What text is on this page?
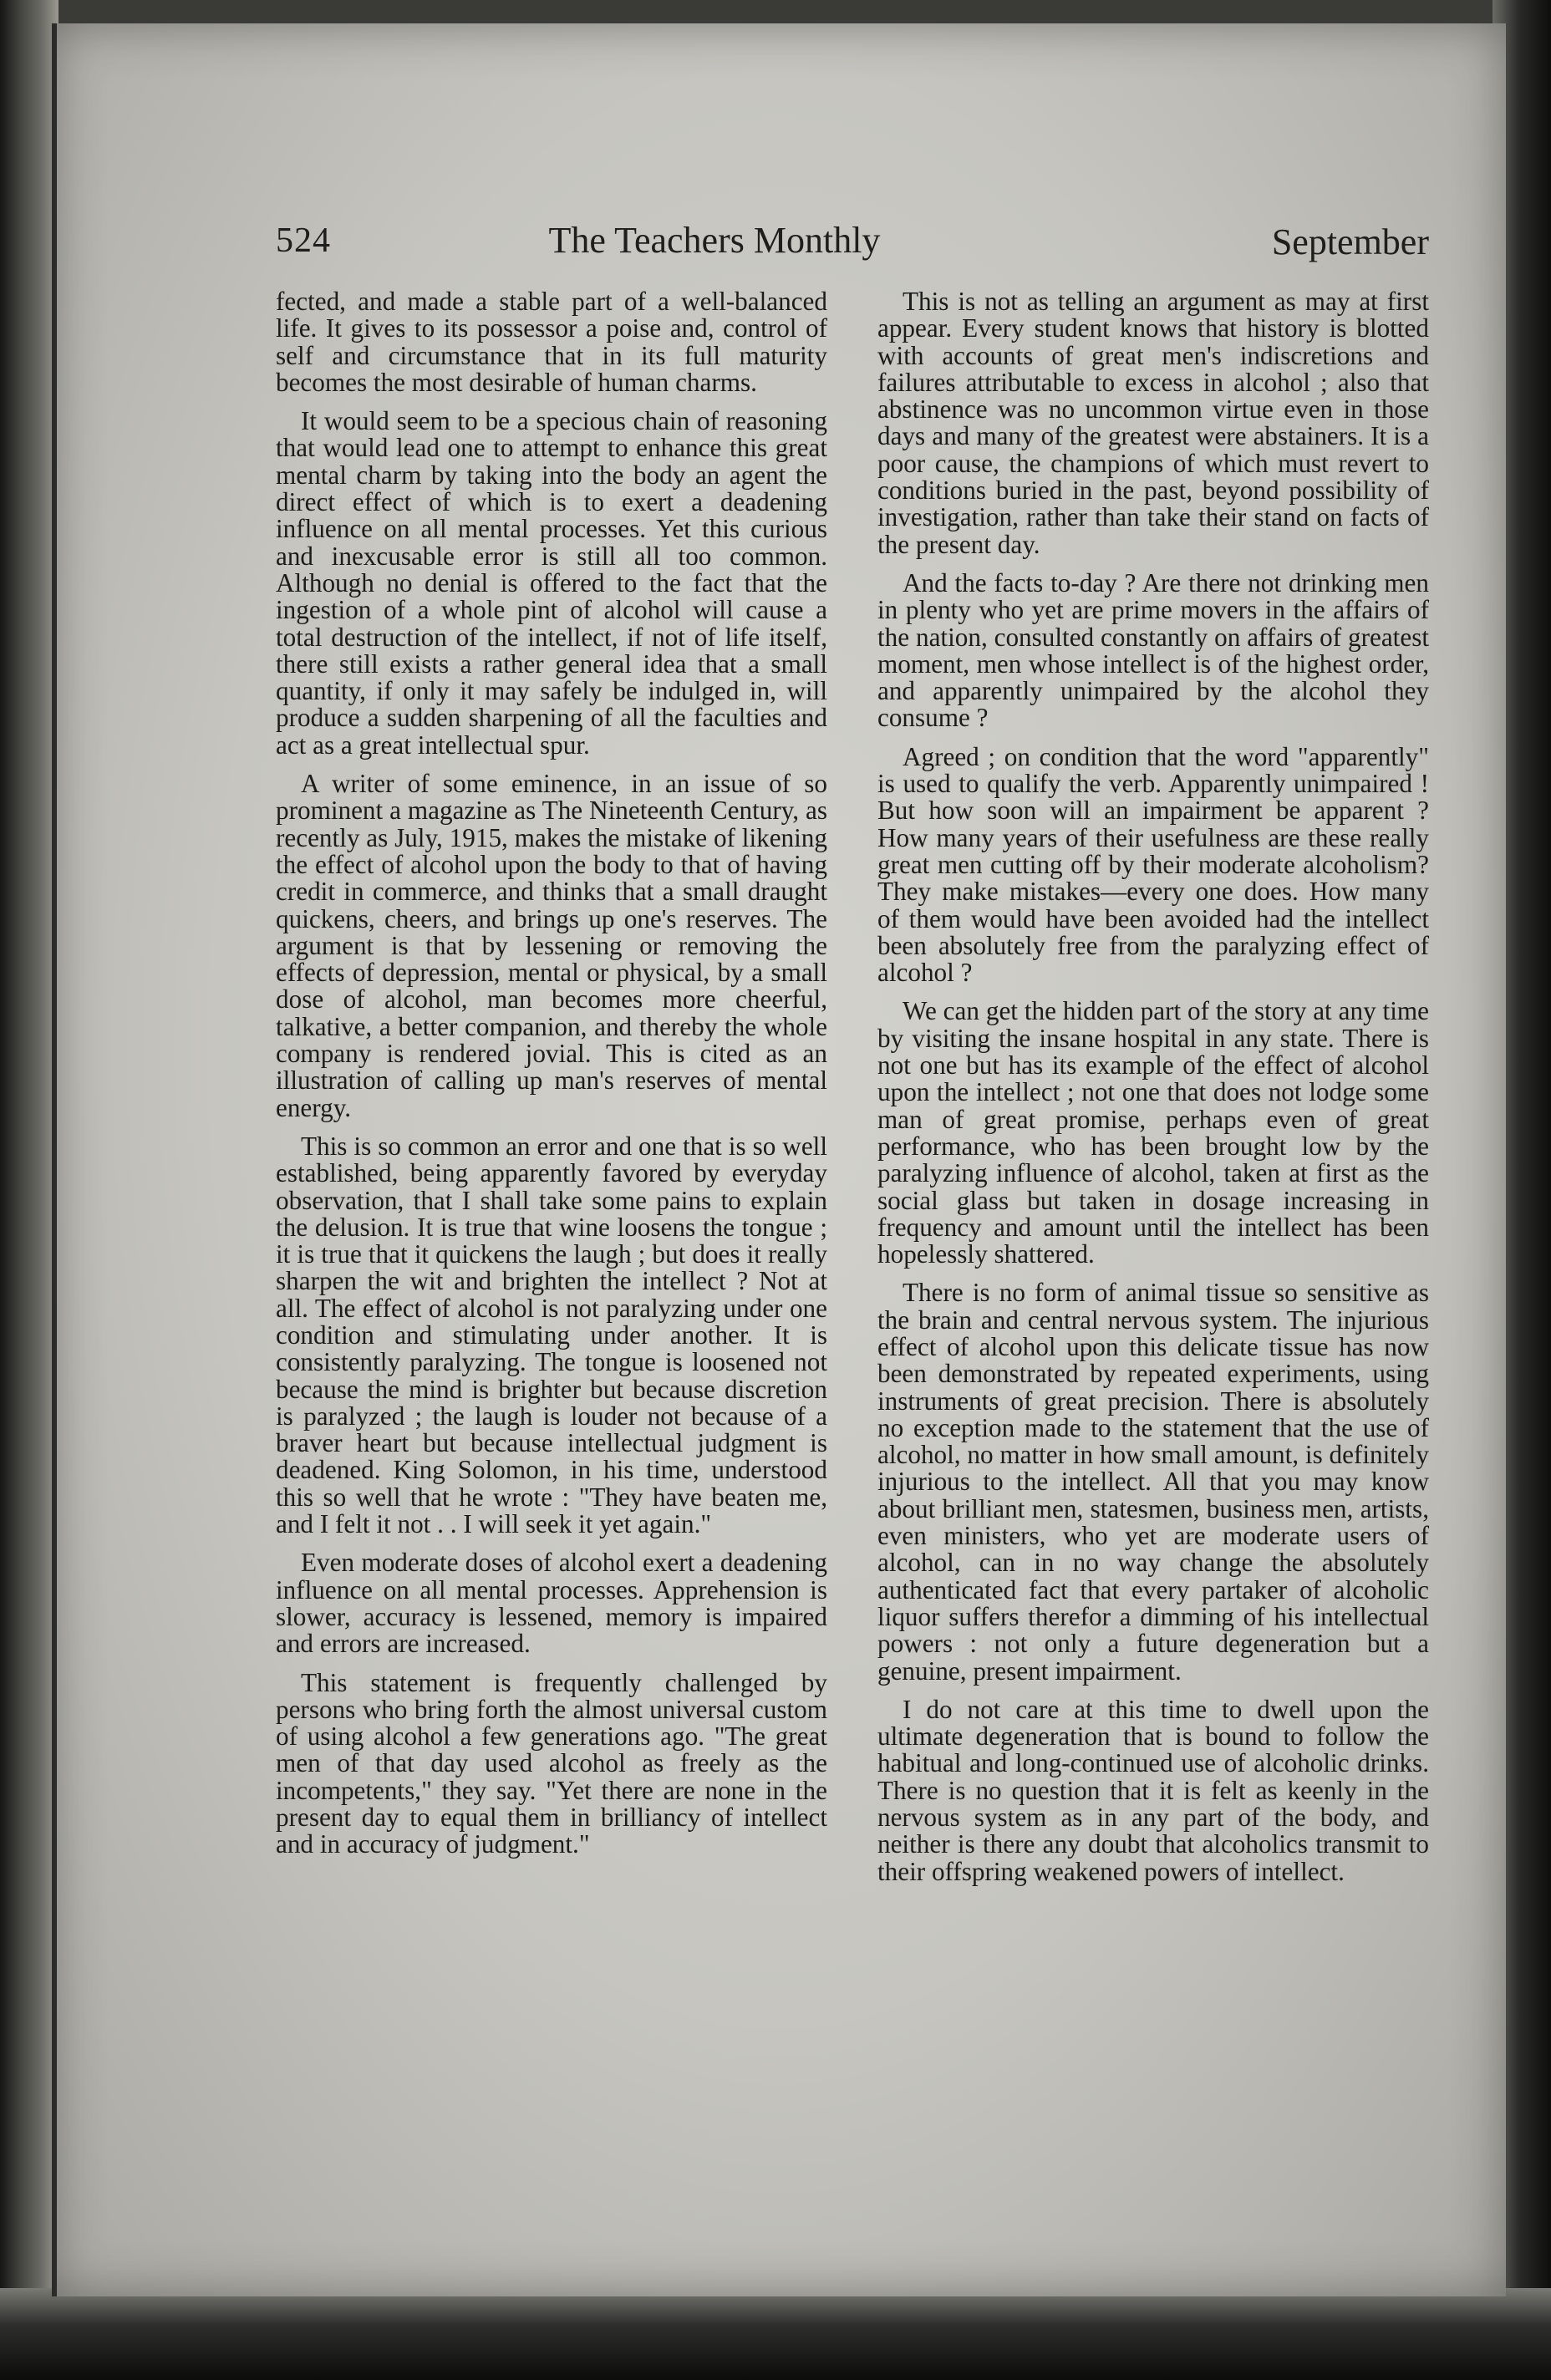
524	The Teachers Monthly	September

fected, and made a stable part of a well-balanced life. It gives to its possessor a poise and, control of self and circumstance that in its full maturity becomes the most desirable of human charms.

It would seem to be a specious chain of reasoning that would lead one to attempt to enhance this great mental charm by taking into the body an agent the direct effect of which is to exert a deadening influence on all mental processes. Yet this curious and inexcusable error is still all too common. Although no denial is offered to the fact that the ingestion of a whole pint of alcohol will cause a total destruction of the intellect, if not of life itself, there still exists a rather general idea that a small quantity, if only it may safely be indulged in, will produce a sudden sharpening of all the faculties and act as a great intellectual spur.

A writer of some eminence, in an issue of so prominent a magazine as The Nineteenth Century, as recently as July, 1915, makes the mistake of likening the effect of alcohol upon the body to that of having credit in commerce, and thinks that a small draught quickens, cheers, and brings up one's reserves. The argument is that by lessening or removing the effects of depression, mental or physical, by a small dose of alcohol, man becomes more cheerful, talkative, a better companion, and thereby the whole company is rendered jovial. This is cited as an illustration of calling up man's reserves of mental energy.

This is so common an error and one that is so well established, being apparently favored by everyday observation, that I shall take some pains to explain the delusion. It is true that wine loosens the tongue ; it is true that it quickens the laugh ; but does it really sharpen the wit and brighten the intellect ? Not at all. The effect of alcohol is not paralyzing under one condition and stimulating under another. It is consistently paralyzing. The tongue is loosened not because the mind is brighter but because discretion is paralyzed ; the laugh is louder not because of a braver heart but because intellectual judgment is deadened. King Solomon, in his time, understood this so well that he wrote : "They have beaten me, and I felt it not . . I will seek it yet again."

Even moderate doses of alcohol exert a deadening influence on all mental processes. Apprehension is slower, accuracy is lessened, memory is impaired and errors are increased.

This statement is frequently challenged by persons who bring forth the almost universal custom of using alcohol a few generations ago. "The great men of that day used alcohol as freely as the incompetents," they say. "Yet there are none in the present day to equal them in brilliancy of intellect and in accuracy of judgment."

This is not as telling an argument as may at first appear. Every student knows that history is blotted with accounts of great men's indiscretions and failures attributable to excess in alcohol ; also that abstinence was no uncommon virtue even in those days and many of the greatest were abstainers. It is a poor cause, the champions of which must revert to conditions buried in the past, beyond possibility of investigation, rather than take their stand on facts of the present day.

And the facts to-day ? Are there not drinking men in plenty who yet are prime movers in the affairs of the nation, consulted constantly on affairs of greatest moment, men whose intellect is of the highest order, and apparently unimpaired by the alcohol they consume ?

Agreed ; on condition that the word "apparently" is used to qualify the verb. Apparently unimpaired ! But how soon will an impairment be apparent ? How many years of their usefulness are these really great men cutting off by their moderate alcoholism? They make mistakes—every one does. How many of them would have been avoided had the intellect been absolutely free from the paralyzing effect of alcohol ?

We can get the hidden part of the story at any time by visiting the insane hospital in any state. There is not one but has its example of the effect of alcohol upon the intellect ; not one that does not lodge some man of great promise, perhaps even of great performance, who has been brought low by the paralyzing influence of alcohol, taken at first as the social glass but taken in dosage increasing in frequency and amount until the intellect has been hopelessly shattered.

There is no form of animal tissue so sensitive as the brain and central nervous system. The injurious effect of alcohol upon this delicate tissue has now been demonstrated by repeated experiments, using instruments of great precision. There is absolutely no exception made to the statement that the use of alcohol, no matter in how small amount, is definitely injurious to the intellect. All that you may know about brilliant men, statesmen, business men, artists, even ministers, who yet are moderate users of alcohol, can in no way change the absolutely authenticated fact that every partaker of alcoholic liquor suffers therefor a dimming of his intellectual powers : not only a future degeneration but a genuine, present impairment.

I do not care at this time to dwell upon the ultimate degeneration that is bound to follow the habitual and long-continued use of alcoholic drinks. There is no question that it is felt as keenly in the nervous system as in any part of the body, and neither is there any doubt that alcoholics transmit to their offspring weakened powers of intellect.
